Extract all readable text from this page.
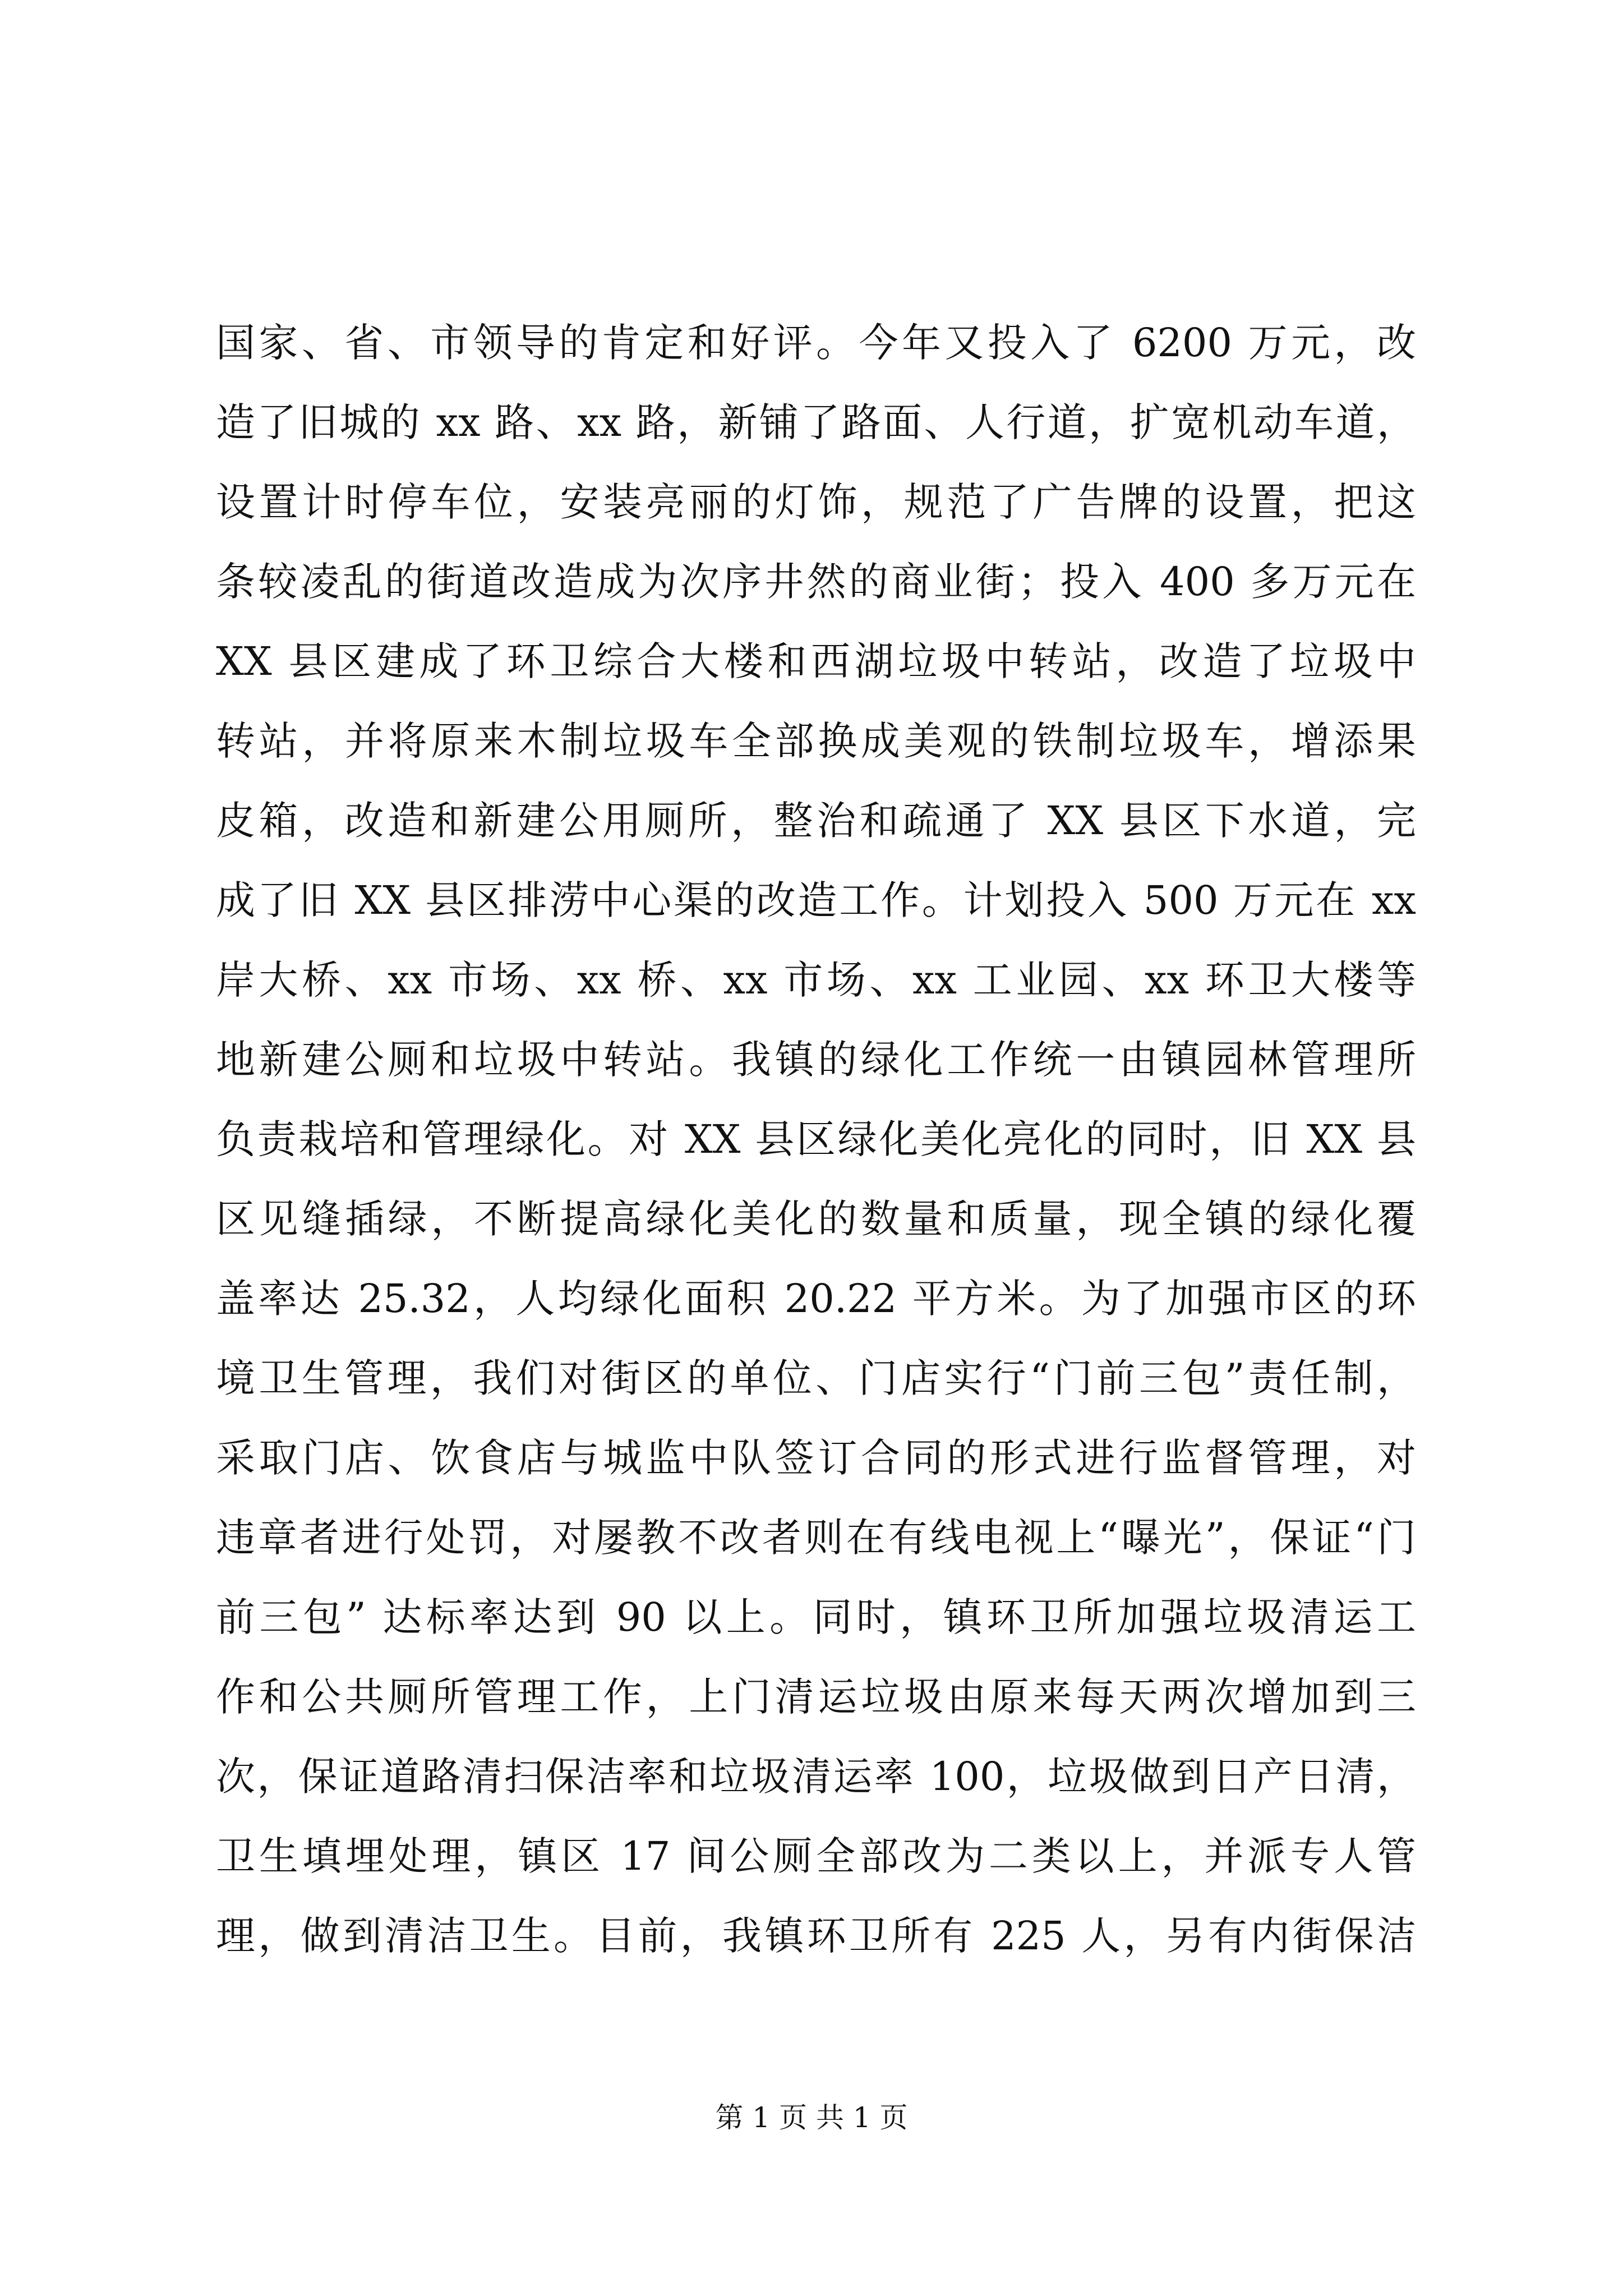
国家、省、市领导的肯定和好评。今年又投入了 6200 万元，改
造了旧城的 xx 路、xx 路，新铺了路面、人行道，扩宽机动车道，
设置计时停车位，安装亮丽的灯饰，规范了广告牌的设置，把这
条较凌乱的街道改造成为次序井然的商业街；投入 400 多万元在
XX 县区建成了环卫综合大楼和西湖垃圾中转站，改造了垃圾中
转站，并将原来木制垃圾车全部换成美观的铁制垃圾车，增添果
皮箱，改造和新建公用厕所，整治和疏通了 XX 县区下水道，完
成了旧 XX 县区排涝中心渠的改造工作。计划投入 500 万元在 xx
岸大桥、xx 市场、xx 桥、xx 市场、xx 工业园、xx 环卫大楼等
地新建公厕和垃圾中转站。我镇的绿化工作统一由镇园林管理所
负责栽培和管理绿化。对 XX 县区绿化美化亮化的同时，旧 XX 县
区见缝插绿，不断提高绿化美化的数量和质量，现全镇的绿化覆
盖率达 25.32，人均绿化面积 20.22 平方米。为了加强市区的环
境卫生管理，我们对街区的单位、门店实行“门前三包”责任制，
采取门店、饮食店与城监中队签订合同的形式进行监督管理，对
违章者进行处罚，对屡教不改者则在有线电视上“曝光”，保证“门
前三包” 达标率达到 90 以上。同时，镇环卫所加强垃圾清运工
作和公共厕所管理工作，上门清运垃圾由原来每天两次增加到三
次，保证道路清扫保洁率和垃圾清运率 100，垃圾做到日产日清，
卫生填埋处理，镇区 17 间公厕全部改为二类以上，并派专人管
理，做到清洁卫生。目前，我镇环卫所有 225 人，另有内街保洁
第 1 页 共 1 页
